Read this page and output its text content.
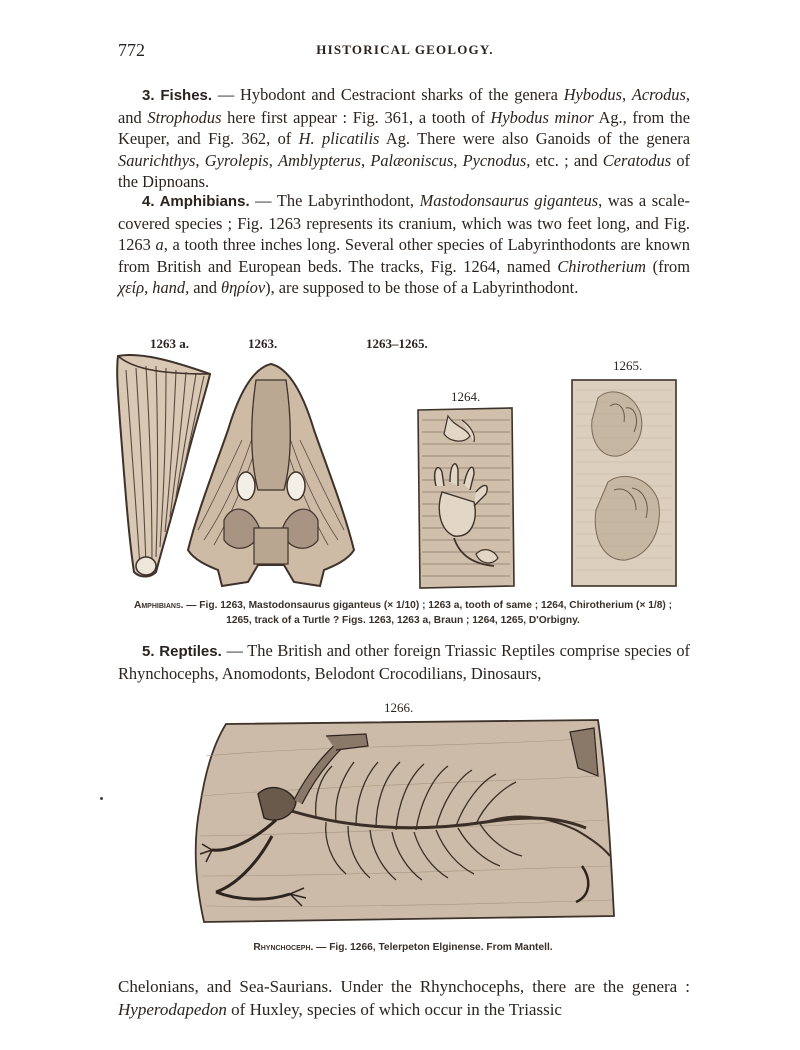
772	HISTORICAL GEOLOGY.
3. Fishes. — Hybodont and Cestraciont sharks of the genera Hybodus, Acrodus, and Strophodus here first appear : Fig. 361, a tooth of Hybodus minor Ag., from the Keuper, and Fig. 362, of H. plicatilis Ag. There were also Ganoids of the genera Saurichthys, Gyrolepis, Amblypterus, Palæoniscus, Pycnodus, etc. ; and Ceratodus of the Dipnoans.
4. Amphibians. — The Labyrinthodont, Mastodonsaurus giganteus, was a scale-covered species ; Fig. 1263 represents its cranium, which was two feet long, and Fig. 1263 a, a tooth three inches long. Several other species of Labyrinthodonts are known from British and European beds. The tracks, Fig. 1264, named Chirotherium (from χείρ, hand, and θηρίον), are supposed to be those of a Labyrinthodont.
1263 a.	1263.	1263–1265.
1264.
1265.
Amphibians. — Fig. 1263, Mastodonsaurus giganteus (× 1/10) ; 1263 a, tooth of same ; 1264, Chirotherium (× 1/8) ;
1265, track of a Turtle ? Figs. 1263, 1263 a, Braun ; 1264, 1265, D'Orbigny.
5. Reptiles. — The British and other foreign Triassic Reptiles comprise species of Rhynchocephs, Anomodonts, Belodont Crocodilians, Dinosaurs,
1266.
Rhynchoceph. — Fig. 1266, Telerpeton Elginense. From Mantell.
Chelonians, and Sea-Saurians. Under the Rhynchocephs, there are the genera : Hyperodapedon of Huxley, species of which occur in the Triassic
